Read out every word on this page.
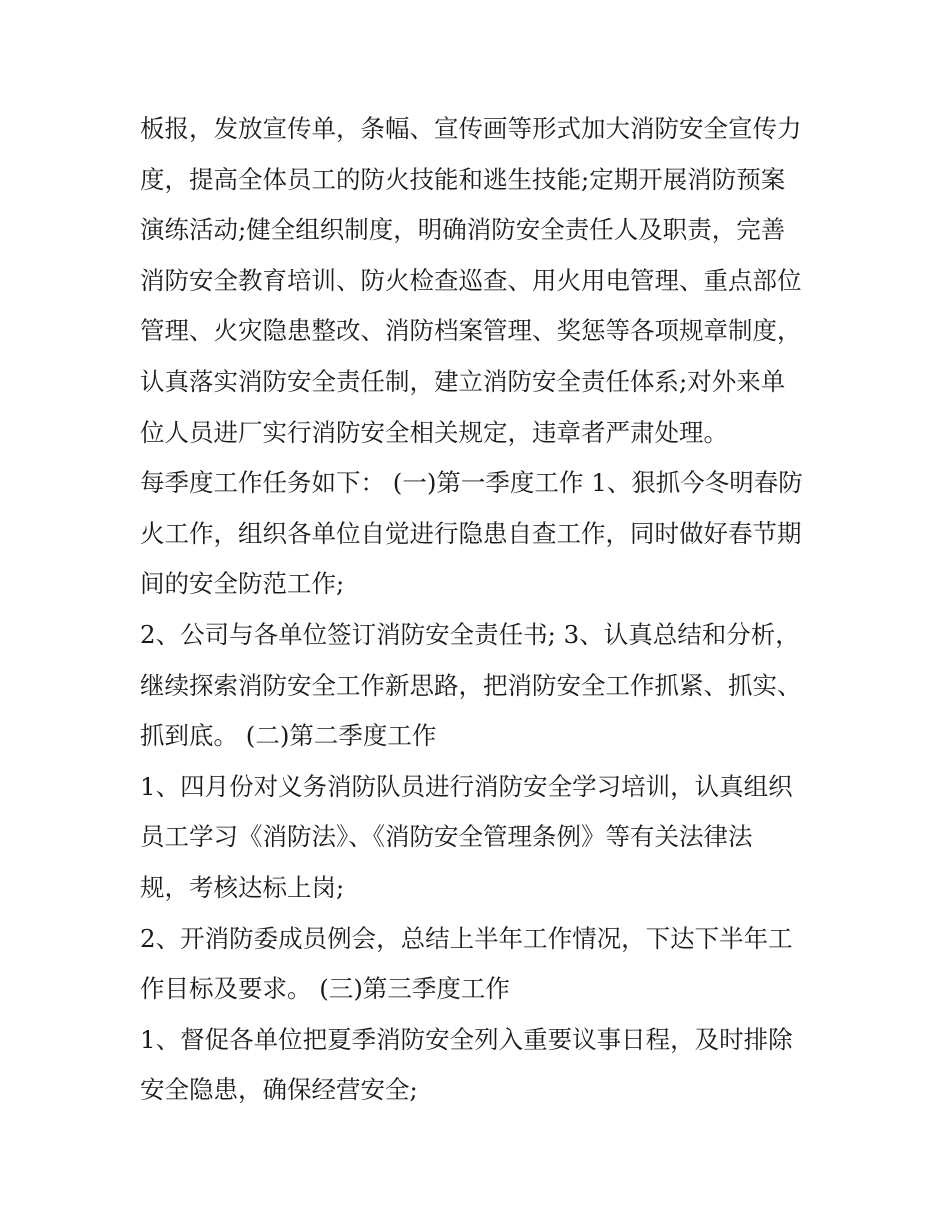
板报，发放宣传单，条幅、宣传画等形式加大消防安全宣传力
度，提高全体员工的防火技能和逃生技能;定期开展消防预案
演练活动;健全组织制度，明确消防安全责任人及职责，完善
消防安全教育培训、防火检查巡查、用火用电管理、重点部位
管理、火灾隐患整改、消防档案管理、奖惩等各项规章制度，
认真落实消防安全责任制，建立消防安全责任体系;对外来单
位人员进厂实行消防安全相关规定，违章者严肃处理。
每季度工作任务如下： (一)第一季度工作 1、狠抓今冬明春防
火工作，组织各单位自觉进行隐患自查工作，同时做好春节期
间的安全防范工作;
2、公司与各单位签订消防安全责任书; 3、认真总结和分析，
继续探索消防安全工作新思路，把消防安全工作抓紧、抓实、
抓到底。 (二)第二季度工作
1、四月份对义务消防队员进行消防安全学习培训，认真组织
员工学习《消防法》、《消防安全管理条例》等有关法律法
规，考核达标上岗;
2、开消防委成员例会，总结上半年工作情况，下达下半年工
作目标及要求。 (三)第三季度工作
1、督促各单位把夏季消防安全列入重要议事日程，及时排除
安全隐患，确保经营安全;
